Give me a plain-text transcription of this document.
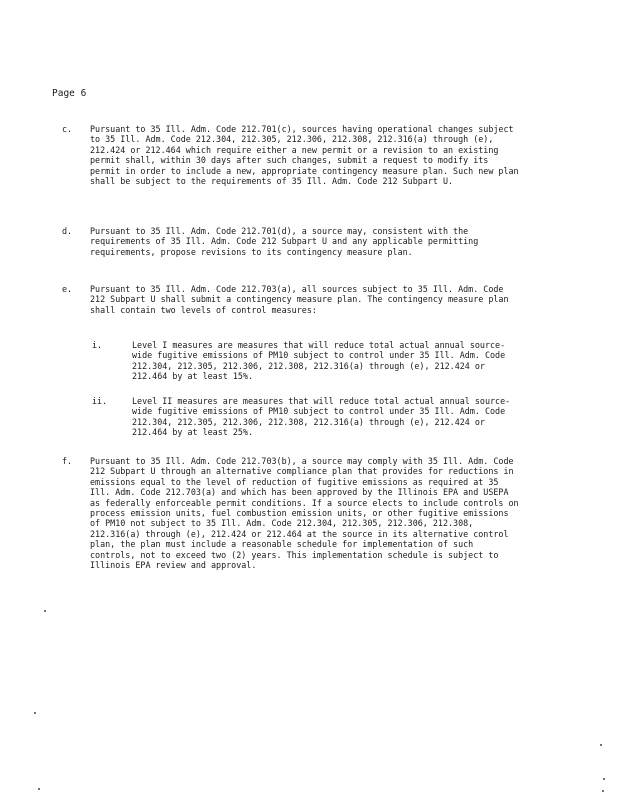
Page 6
c. Pursuant to 35 Ill. Adm. Code 212.701(c), sources having operational changes subject to 35 Ill. Adm. Code 212.304, 212.305, 212.306, 212.308, 212.316(a) through (e), 212.424 or 212.464 which require either a new permit or a revision to an existing permit shall, within 30 days after such changes, submit a request to modify its permit in order to include a new, appropriate contingency measure plan. Such new plan shall be subject to the requirements of 35 Ill. Adm. Code 212 Subpart U.
d. Pursuant to 35 Ill. Adm. Code 212.701(d), a source may, consistent with the requirements of 35 Ill. Adm. Code 212 Subpart U and any applicable permitting requirements, propose revisions to its contingency measure plan.
e. Pursuant to 35 Ill. Adm. Code 212.703(a), all sources subject to 35 Ill. Adm. Code 212 Subpart U shall submit a contingency measure plan. The contingency measure plan shall contain two levels of control measures:
i.	Level I measures are measures that will reduce total actual annual source-wide fugitive emissions of PM10 subject to control under 35 Ill. Adm. Code 212.304, 212.305, 212.306, 212.308, 212.316(a) through (e), 212.424 or 212.464 by at least 15%.
ii.	Level II measures are measures that will reduce total actual annual source-wide fugitive emissions of PM10 subject to control under 35 Ill. Adm. Code 212.304, 212.305, 212.306, 212.308, 212.316(a) through (e), 212.424 or 212.464 by at least 25%.
f. Pursuant to 35 Ill. Adm. Code 212.703(b), a source may comply with 35 Ill. Adm. Code 212 Subpart U through an alternative compliance plan that provides for reductions in emissions equal to the level of reduction of fugitive emissions as required at 35 Ill. Adm. Code 212.703(a) and which has been approved by the Illinois EPA and USEPA as federally enforceable permit conditions. If a source elects to include controls on process emission units, fuel combustion emission units, or other fugitive emissions of PM10 not subject to 35 Ill. Adm. Code 212.304, 212.305, 212.306, 212.308, 212.316(a) through (e), 212.424 or 212.464 at the source in its alternative control plan, the plan must include a reasonable schedule for implementation of such controls, not to exceed two (2) years. This implementation schedule is subject to Illinois EPA review and approval.
